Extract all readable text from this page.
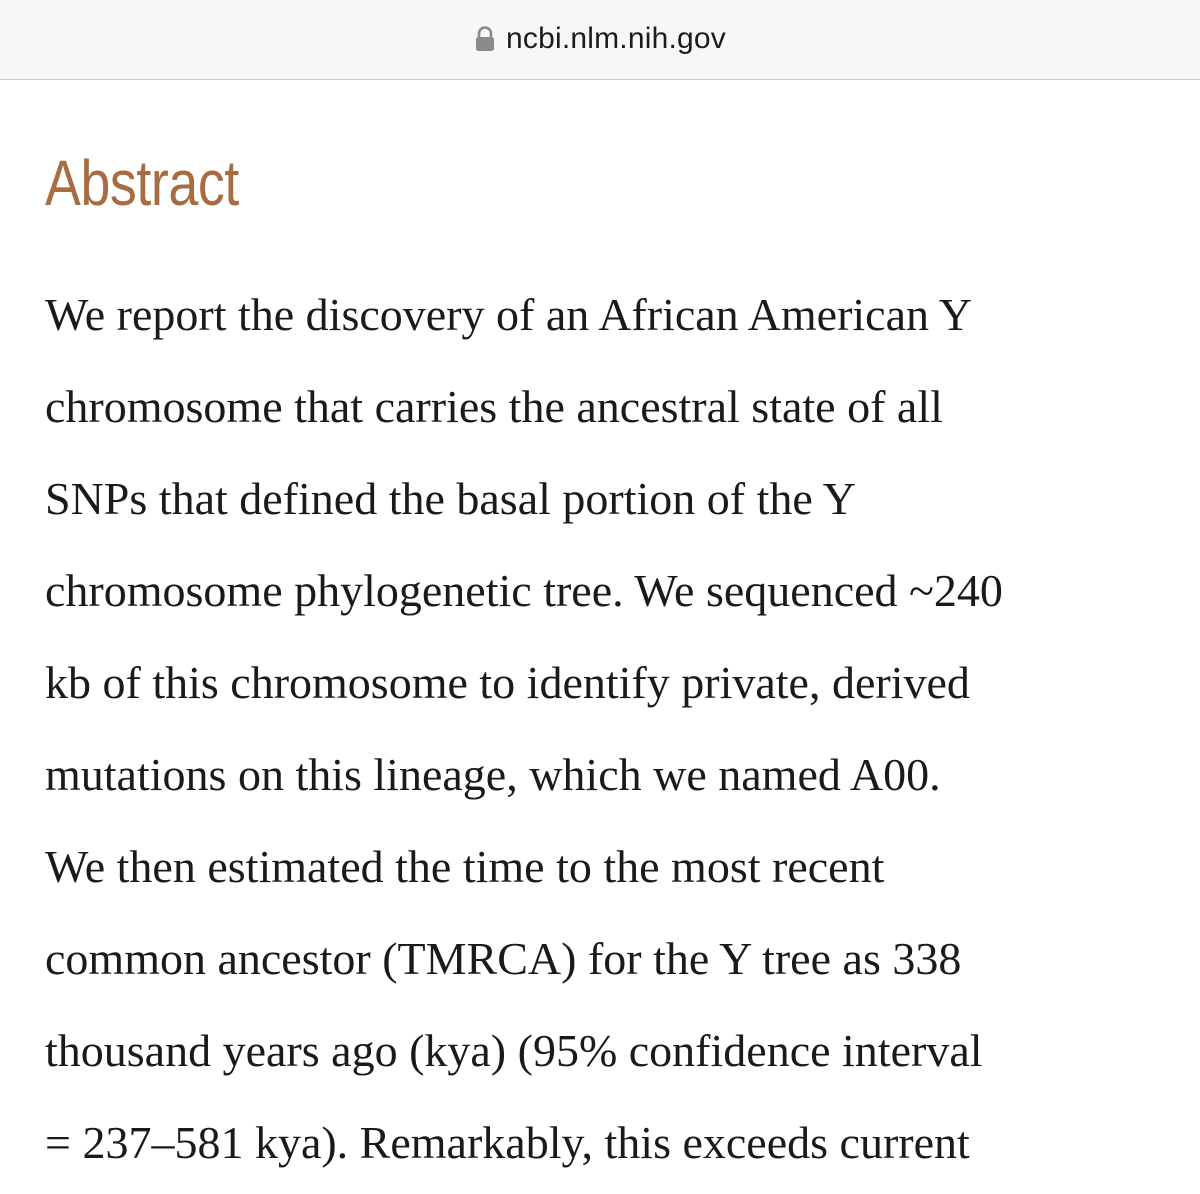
ncbi.nlm.nih.gov
Abstract

We report the discovery of an African American Y
chromosome that carries the ancestral state of all
SNPs that defined the basal portion of the Y
chromosome phylogenetic tree. We sequenced ~240
kb of this chromosome to identify private, derived
mutations on this lineage, which we named A00.
We then estimated the time to the most recent
common ancestor (TMRCA) for the Y tree as 338
thousand years ago (kya) (95% confidence interval
= 237–581 kya). Remarkably, this exceeds current
